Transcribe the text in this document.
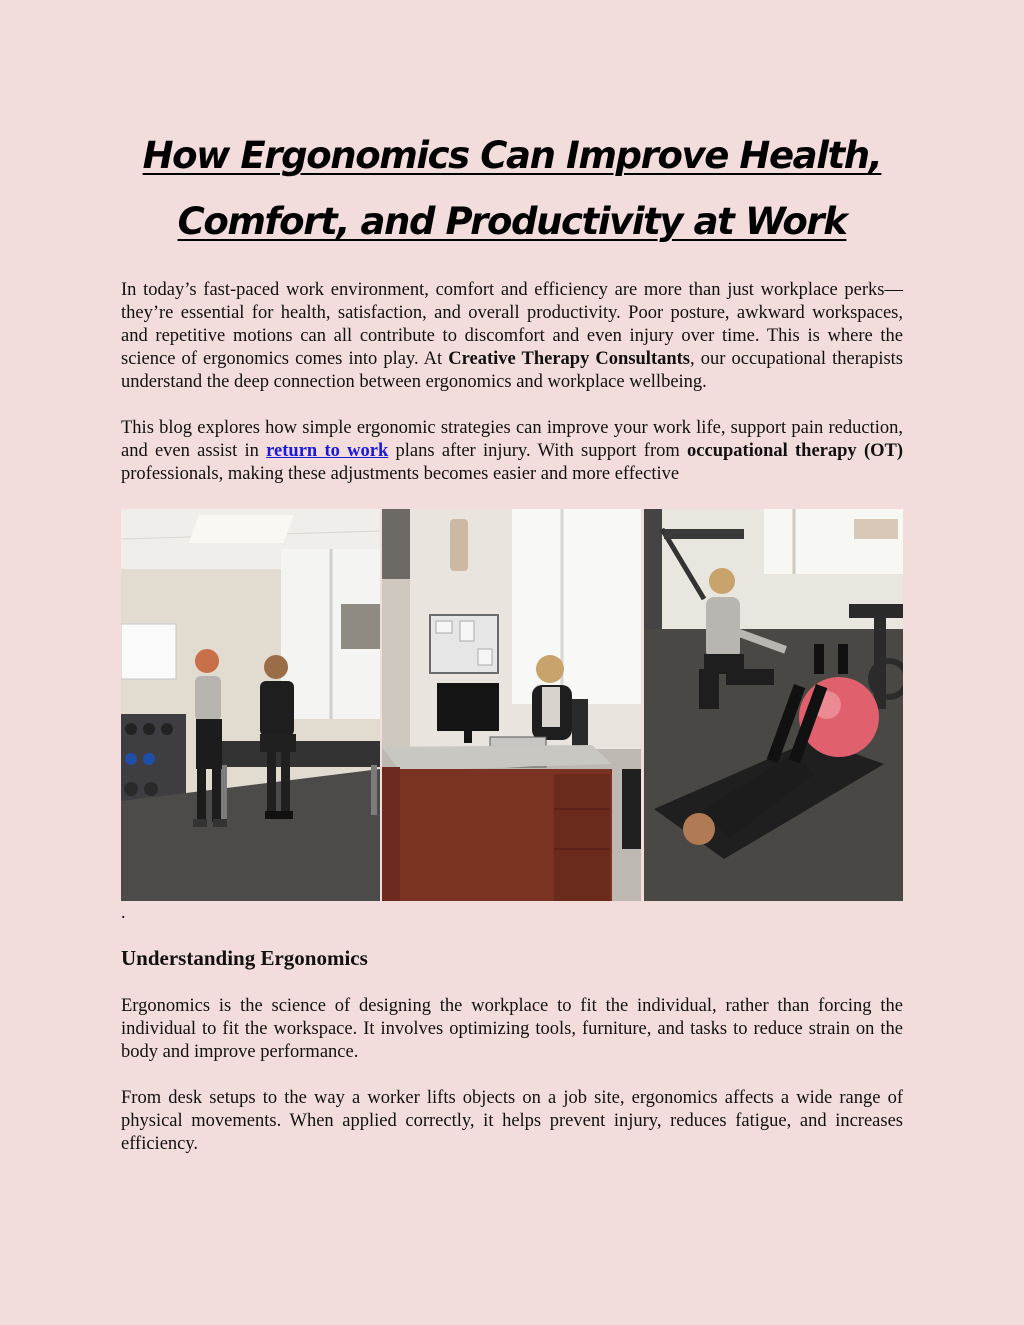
How Ergonomics Can Improve Health,
Comfort, and Productivity at Work

In today’s fast-paced work environment, comfort and efficiency are more than just workplace perks—they’re essential for health, satisfaction, and overall productivity. Poor posture, awkward workspaces, and repetitive motions can all contribute to discomfort and even injury over time. This is where the science of ergonomics comes into play. At Creative Therapy Consultants, our occupational therapists understand the deep connection between ergonomics and workplace wellbeing.

This blog explores how simple ergonomic strategies can improve your work life, support pain reduction, and even assist in return to work plans after injury. With support from occupational therapy (OT) professionals, making these adjustments becomes easier and more effective

.

Understanding Ergonomics

Ergonomics is the science of designing the workplace to fit the individual, rather than forcing the individual to fit the workspace. It involves optimizing tools, furniture, and tasks to reduce strain on the body and improve performance.

From desk setups to the way a worker lifts objects on a job site, ergonomics affects a wide range of physical movements. When applied correctly, it helps prevent injury, reduces fatigue, and increases efficiency.
